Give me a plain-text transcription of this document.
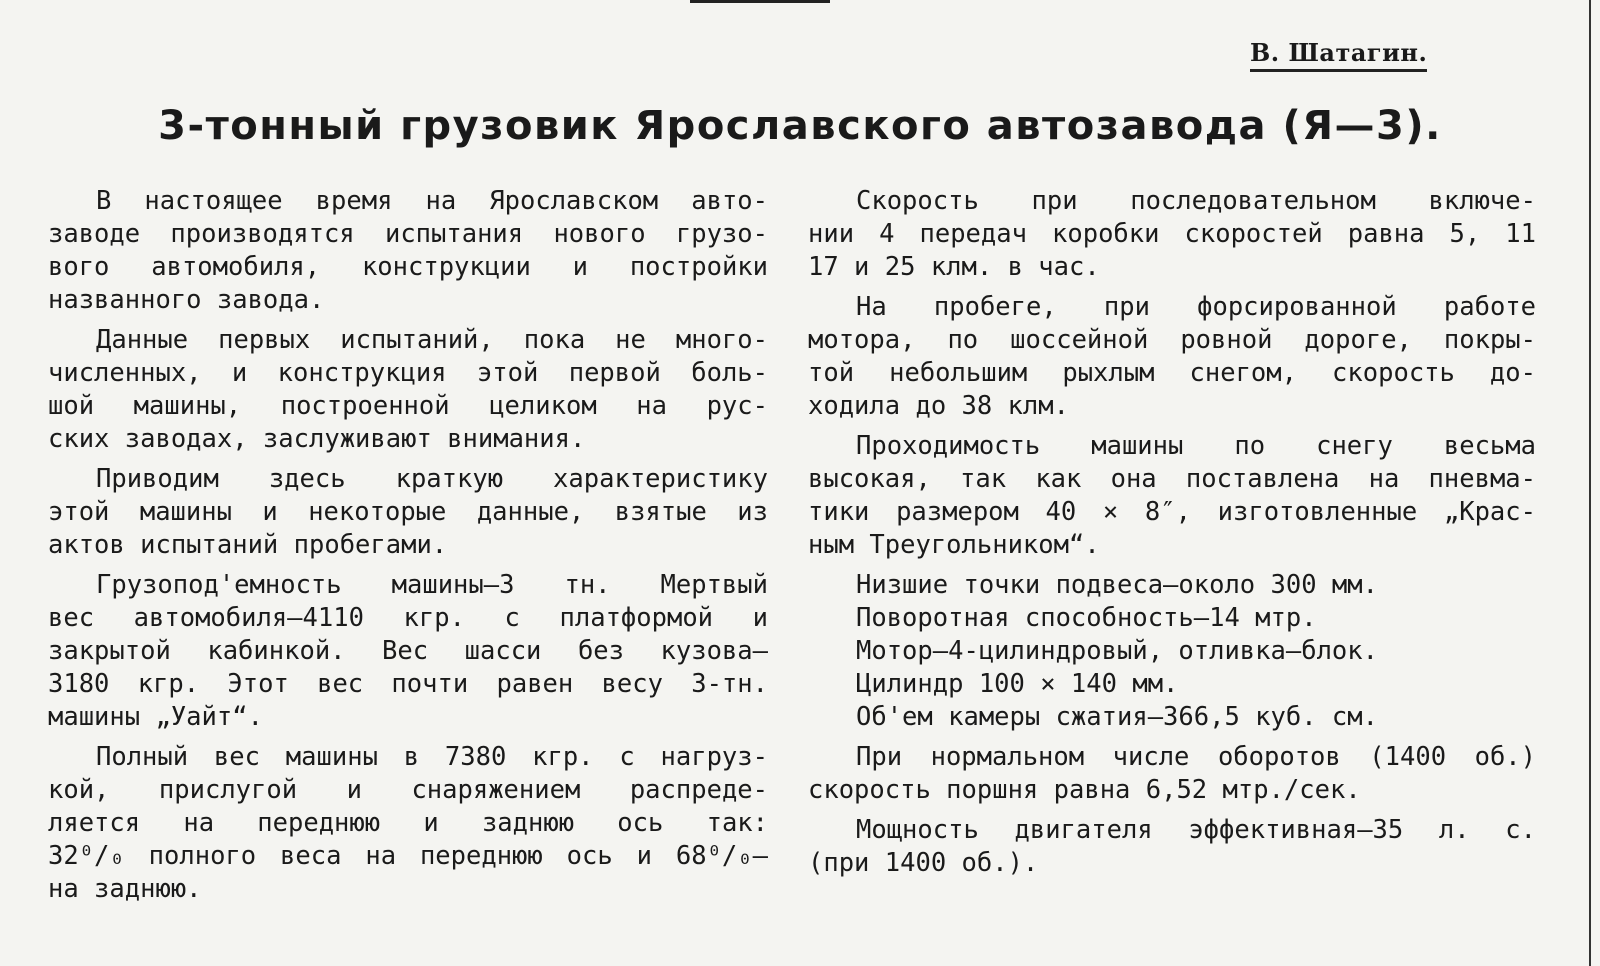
В. Шатагин.
3-тонный грузовик Ярославского автозавода (Я—3).
В настоящее время на Ярославском авто-
заводе производятся испытания нового грузо-
вого автомобиля, конструкции и постройки
названного завода.
Данные первых испытаний, пока не много-
численных, и конструкция этой первой боль-
шой машины, построенной целиком на рус-
ских заводах, заслуживают внимания.
Приводим здесь краткую характеристику
этой машины и некоторые данные, взятые из
актов испытаний пробегами.
Грузопод'емность машины—3 тн. Мертвый
вес автомобиля—4110 кгр. с платформой и
закрытой кабинкой. Вес шасси без кузова—
3180 кгр. Этот вес почти равен весу 3-тн.
машины „Уайт“.
Полный вес машины в 7380 кгр. с нагруз-
кой, прислугой и снаряжением распреде-
ляется на переднюю и заднюю ось так:
32⁰/₀ полного веса на переднюю ось и 68⁰/₀—
на заднюю.
Скорость при последовательном включе-
нии 4 передач коробки скоростей равна 5, 11
17 и 25 клм. в час.
На пробеге, при форсированной работе
мотора, по шоссейной ровной дороге, покры-
той небольшим рыхлым снегом, скорость до-
ходила до 38 клм.
Проходимость машины по снегу весьма
высокая, так как она поставлена на пневма-
тики размером 40 ⨯ 8″, изготовленные „Крас-
ным Треугольником“.
Низшие точки подвеса—около 300 мм.
Поворотная способность—14 мтр.
Мотор—4-цилиндровый, отливка—блок.
Цилиндр 100 ⨯ 140 мм.
Об'ем камеры сжатия—366,5 куб. см.
При нормальном числе оборотов (1400 об.)
скорость поршня равна 6,52 мтр./сек.
Мощность двигателя эффективная—35 л. с.
(при 1400 об.).
